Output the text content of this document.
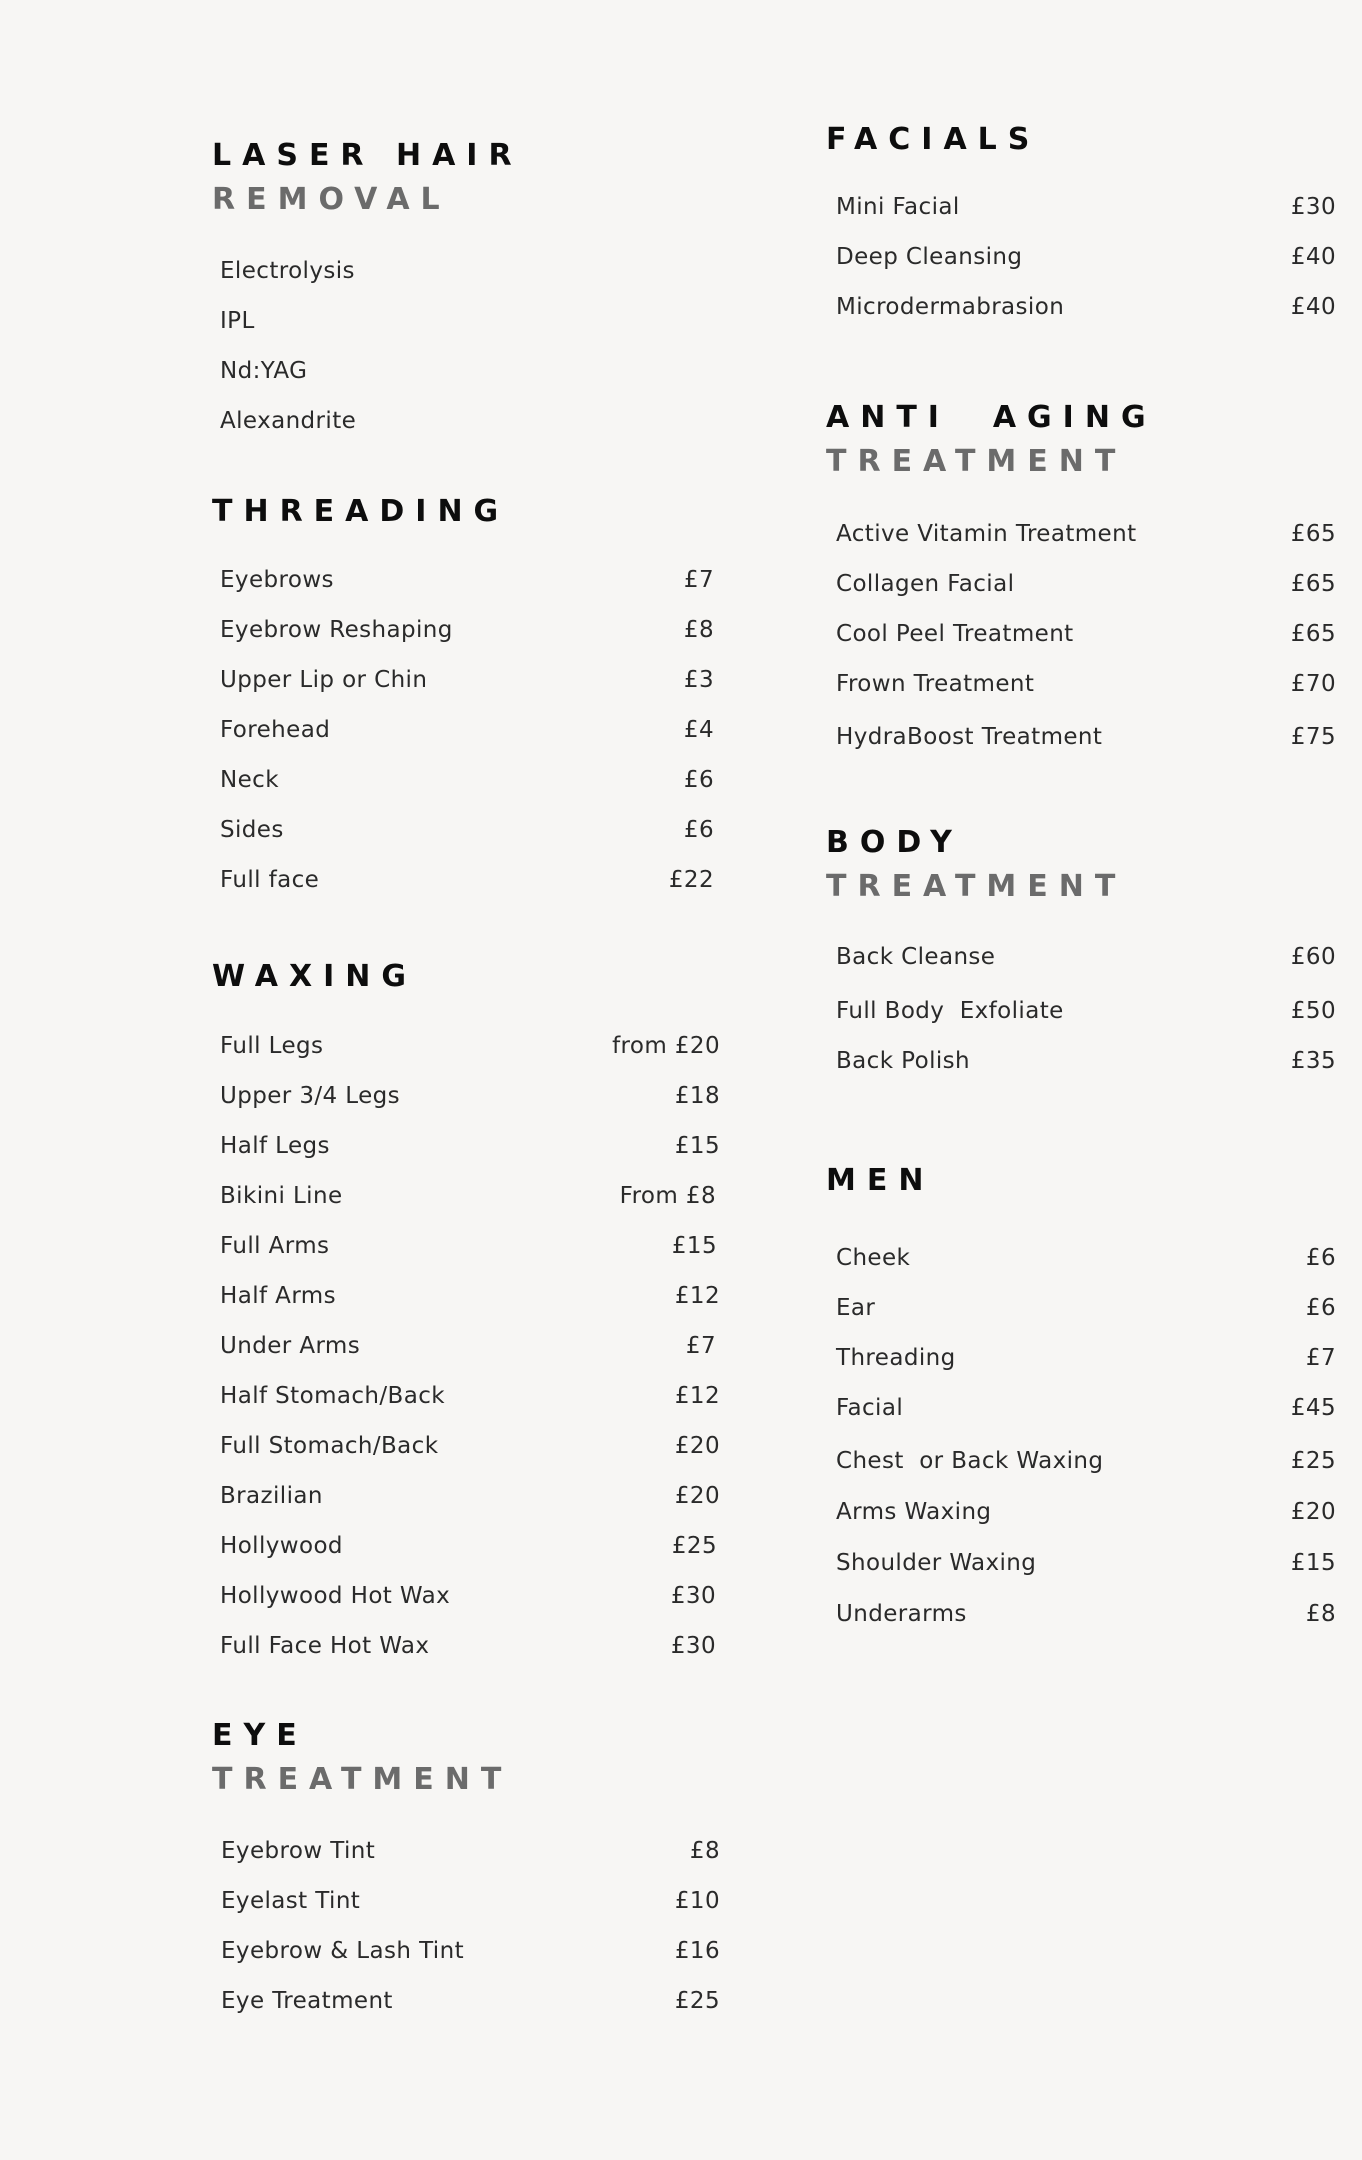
LASER HAIR
REMOVAL
Electrolysis
IPL
Nd:YAG
Alexandrite
THREADING
Eyebrows	£7
Eyebrow Reshaping	£8
Upper Lip or Chin	£3
Forehead	£4
Neck	£6
Sides	£6
Full face	£22
WAXING
Full Legs	from £20
Upper 3/4 Legs	£18
Half Legs	£15
Bikini Line	From £8
Full Arms	£15
Half Arms	£12
Under Arms	£7
Half Stomach/Back	£12
Full Stomach/Back	£20
Brazilian	£20
Hollywood	£25
Hollywood Hot Wax	£30
Full Face Hot Wax	£30
EYE
TREATMENT
Eyebrow Tint	£8
Eyelast Tint	£10
Eyebrow & Lash Tint	£16
Eye Treatment	£25
FACIALS
Mini Facial	£30
Deep Cleansing	£40
Microdermabrasion	£40
ANTI  AGING
TREATMENT
Active Vitamin Treatment	£65
Collagen Facial	£65
Cool Peel Treatment	£65
Frown Treatment	£70
HydraBoost Treatment	£75
BODY
TREATMENT
Back Cleanse	£60
Full Body  Exfoliate	£50
Back Polish	£35
MEN
Cheek	£6
Ear	£6
Threading	£7
Facial	£45
Chest  or Back Waxing	£25
Arms Waxing	£20
Shoulder Waxing	£15
Underarms	£8
